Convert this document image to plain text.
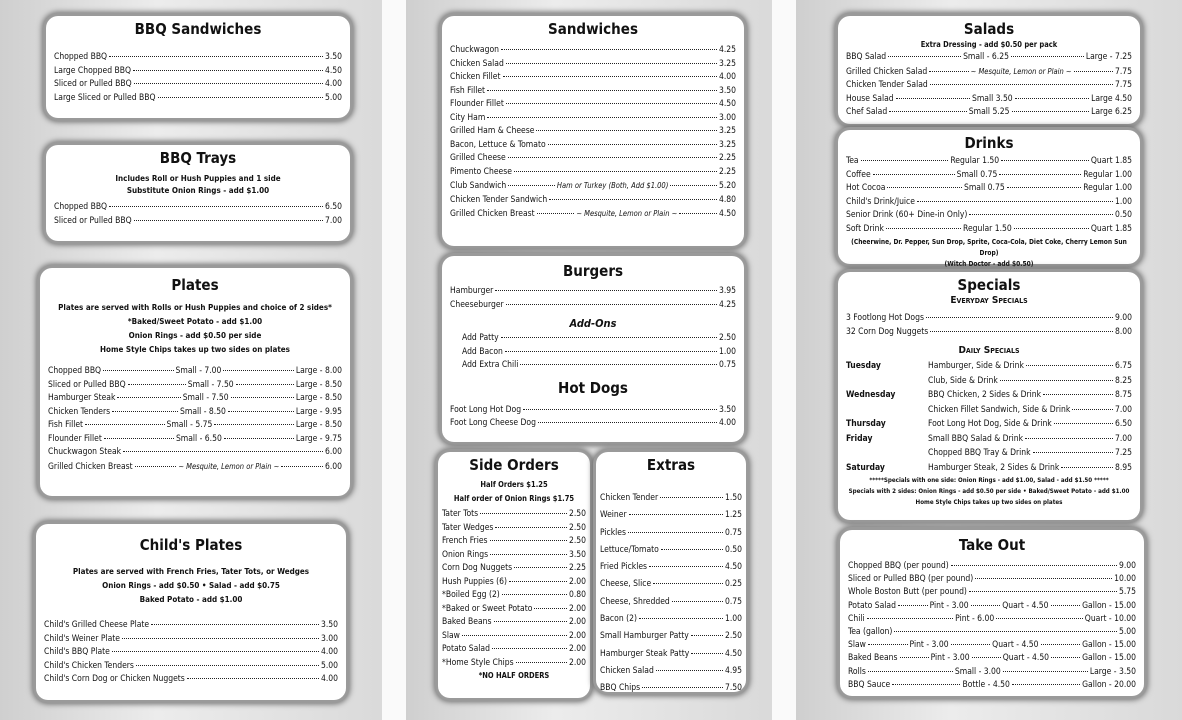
BBQ Sandwiches
Chopped BBQ	3.50
Large Chopped BBQ	4.50
Sliced or Pulled BBQ	4.00
Large Sliced or Pulled BBQ	5.00
BBQ Trays
Includes Roll or Hush Puppies and 1 side
Substitute Onion Rings - add $1.00
Chopped BBQ	6.50
Sliced or Pulled BBQ	7.00
Plates
Plates are served with Rolls or Hush Puppies and choice of 2 sides*
*Baked/Sweet Potato - add $1.00
Onion Rings - add $0.50 per side
Home Style Chips takes up two sides on plates
Chopped BBQ	Small - 7.00	Large - 8.00
Sliced or Pulled BBQ	Small - 7.50	Large - 8.50
Hamburger Steak	Small - 7.50	Large - 8.50
Chicken Tenders	Small - 8.50	Large - 9.95
Fish Fillet	Small - 5.75	Large - 8.50
Flounder Fillet	Small - 6.50	Large - 9.75
Chuckwagon Steak	6.00
Grilled Chicken Breast	~ Mesquite, Lemon or Plain ~	6.00
Child's Plates
Plates are served with French Fries, Tater Tots, or Wedges
Onion Rings - add $0.50 • Salad - add $0.75
Baked Potato - add $1.00
Child's Grilled Cheese Plate	3.50
Child's Weiner Plate	3.00
Child's BBQ Plate	4.00
Child's Chicken Tenders	5.00
Child's Corn Dog or Chicken Nuggets	4.00
Sandwiches
Chuckwagon	4.25
Chicken Salad	3.25
Chicken Fillet	4.00
Fish Fillet	3.50
Flounder Fillet	4.50
City Ham	3.00
Grilled Ham & Cheese	3.25
Bacon, Lettuce & Tomato	3.25
Grilled Cheese	2.25
Pimento Cheese	2.25
Club Sandwich	Ham or Turkey (Both, Add $1.00)	5.20
Chicken Tender Sandwich	4.80
Grilled Chicken Breast	~ Mesquite, Lemon or Plain ~	4.50
Burgers
Hamburger	3.95
Cheeseburger	4.25
Add-Ons
Add Patty	2.50
Add Bacon	1.00
Add Extra Chili	0.75
Hot Dogs
Foot Long Hot Dog	3.50
Foot Long Cheese Dog	4.00
Side Orders
Half Orders $1.25
Half order of Onion Rings $1.75
Tater Tots	2.50
Tater Wedges	2.50
French Fries	2.50
Onion Rings	3.50
Corn Dog Nuggets	2.25
Hush Puppies (6)	2.00
*Boiled Egg (2)	0.80
*Baked or Sweet Potato	2.00
Baked Beans	2.00
Slaw	2.00
Potato Salad	2.00
*Home Style Chips	2.00
*NO HALF ORDERS
Extras
Chicken Tender	1.50
Weiner	1.25
Pickles	0.75
Lettuce/Tomato	0.50
Fried Pickles	4.50
Cheese, Slice	0.25
Cheese, Shredded	0.75
Bacon (2)	1.00
Small Hamburger Patty	2.50
Hamburger Steak Patty	4.50
Chicken Salad	4.95
BBQ Chips	7.50
Salads
Extra Dressing - add $0.50 per pack
BBQ Salad	Small - 6.25	Large - 7.25
Grilled Chicken Salad	~ Mesquite, Lemon or Plain ~	7.75
Chicken Tender Salad	7.75
House Salad	Small 3.50	Large 4.50
Chef Salad	Small 5.25	Large 6.25
Drinks
Tea	Regular 1.50	Quart 1.85
Coffee	Small 0.75	Regular 1.00
Hot Cocoa	Small 0.75	Regular 1.00
Child's Drink/Juice	1.00
Senior Drink (60+ Dine-in Only)	0.50
Soft Drink	Regular 1.50	Quart 1.85
(Cheerwine, Dr. Pepper, Sun Drop, Sprite, Coca-Cola, Diet Coke, Cherry Lemon Sun Drop)
(Witch Doctor - add $0.50)
Specials
Everyday Specials
3 Footlong Hot Dogs	9.00
32 Corn Dog Nuggets	8.00
Daily Specials
Tuesday	Hamburger, Side & Drink	6.75
Club, Side & Drink	8.25
Wednesday	BBQ Chicken, 2 Sides & Drink	8.75
Chicken Fillet Sandwich, Side & Drink	7.00
Thursday	Foot Long Hot Dog, Side & Drink	6.50
Friday	Small BBQ Salad & Drink	7.00
Chopped BBQ Tray & Drink	7.25
Saturday	Hamburger Steak, 2 Sides & Drink	8.95
*****Specials with one side: Onion Rings - add $1.00, Salad - add $1.50 *****
Specials with 2 sides: Onion Rings - add $0.50 per side • Baked/Sweet Potato - add $1.00
Home Style Chips takes up two sides on plates
Take Out
Chopped BBQ (per pound)	9.00
Sliced or Pulled BBQ (per pound)	10.00
Whole Boston Butt (per pound)	5.75
Potato Salad	Pint - 3.00	Quart - 4.50	Gallon - 15.00
Chili	Pint - 6.00	Quart - 10.00
Tea (gallon)	5.00
Slaw	Pint - 3.00	Quart - 4.50	Gallon - 15.00
Baked Beans	Pint - 3.00	Quart - 4.50	Gallon - 15.00
Rolls	Small - 3.00	Large - 3.50
BBQ Sauce	Bottle - 4.50	Gallon - 20.00
